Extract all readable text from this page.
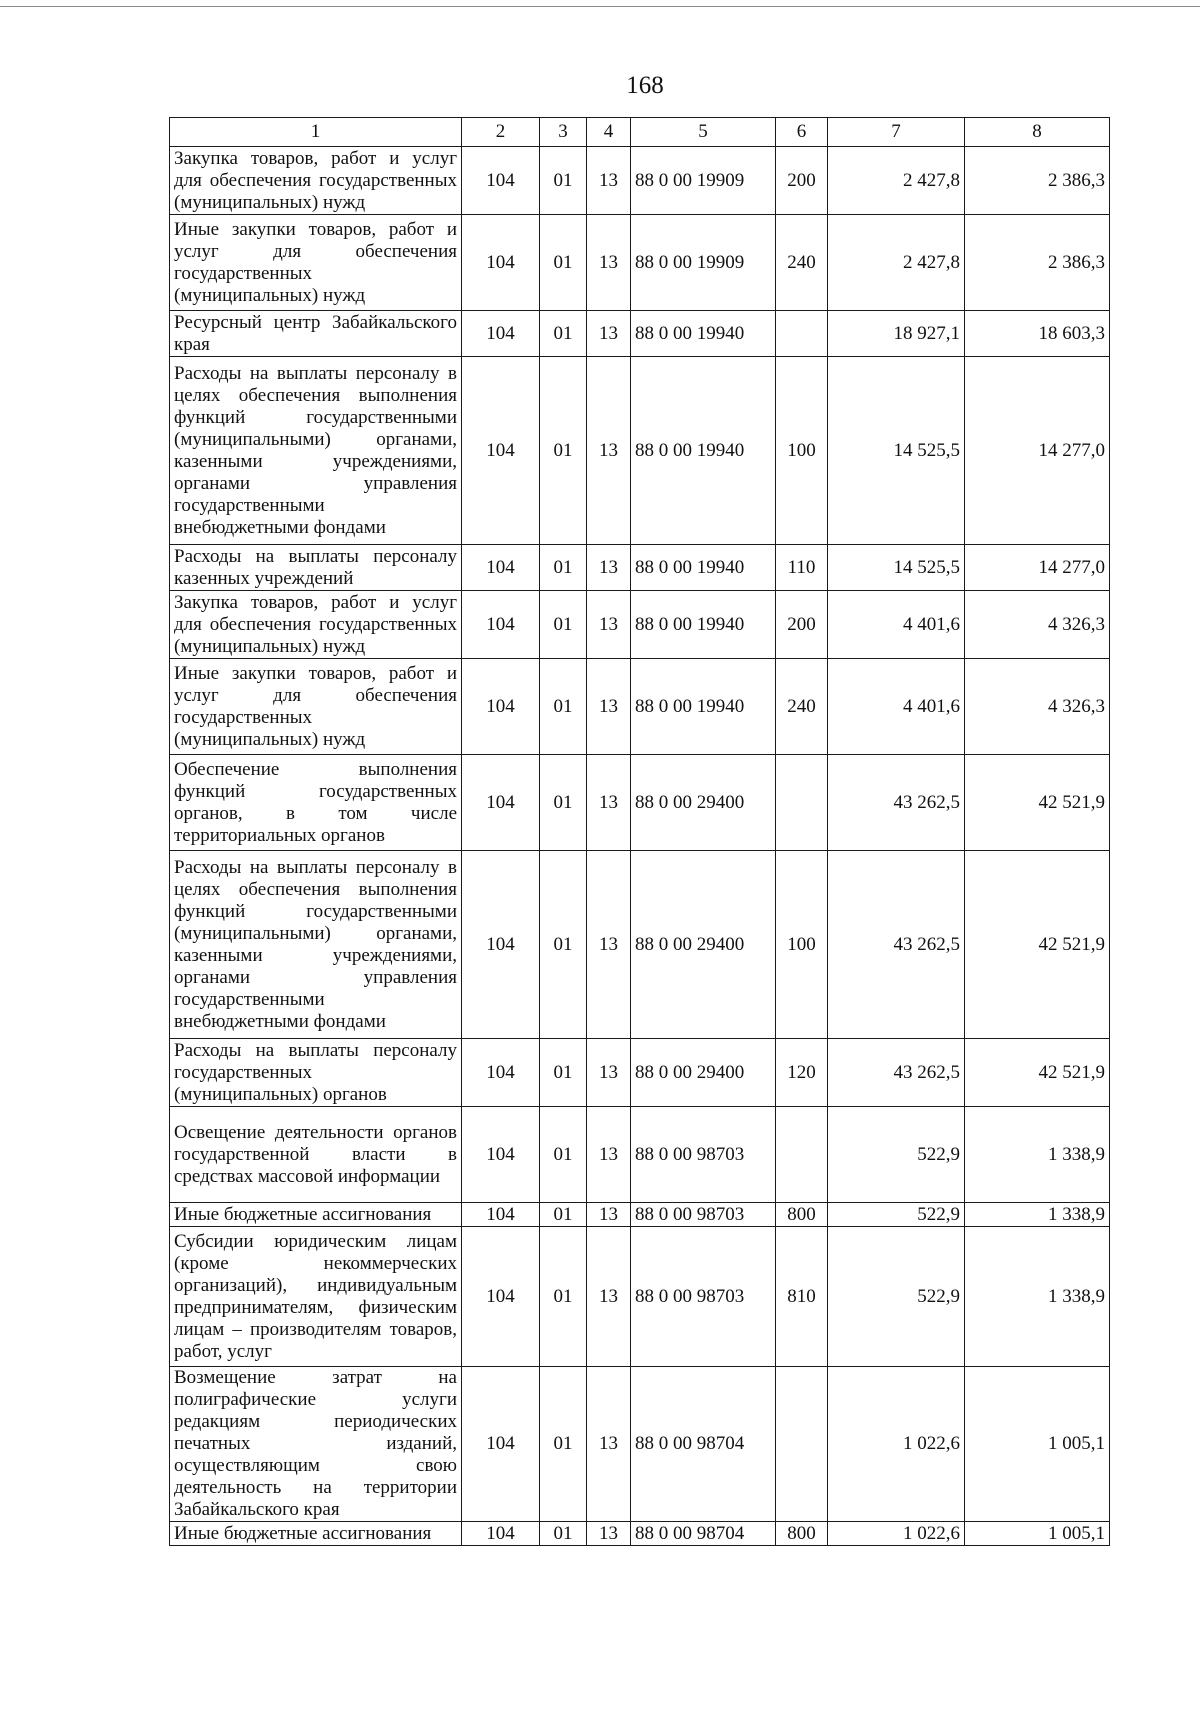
168
1	2	3	4	5	6	7	8
Закупка товаров, работ и услуг для обеспечения государственных (муниципальных) нужд	104	01	13	88 0 00 19909	200	2 427,8	2 386,3
Иные закупки товаров, работ и услуг для обеспечения государственных (муниципальных) нужд	104	01	13	88 0 00 19909	240	2 427,8	2 386,3
Ресурсный центр Забайкальского края	104	01	13	88 0 00 19940		18 927,1	18 603,3
Расходы на выплаты персоналу в целях обеспечения выполнения функций государственными (муниципальными) органами, казенными учреждениями, органами управления государственными внебюджетными фондами	104	01	13	88 0 00 19940	100	14 525,5	14 277,0
Расходы на выплаты персоналу казенных учреждений	104	01	13	88 0 00 19940	110	14 525,5	14 277,0
Закупка товаров, работ и услуг для обеспечения государственных (муниципальных) нужд	104	01	13	88 0 00 19940	200	4 401,6	4 326,3
Иные закупки товаров, работ и услуг для обеспечения государственных (муниципальных) нужд	104	01	13	88 0 00 19940	240	4 401,6	4 326,3
Обеспечение выполнения функций государственных органов, в том числе территориальных органов	104	01	13	88 0 00 29400		43 262,5	42 521,9
Расходы на выплаты персоналу в целях обеспечения выполнения функций государственными (муниципальными) органами, казенными учреждениями, органами управления государственными внебюджетными фондами	104	01	13	88 0 00 29400	100	43 262,5	42 521,9
Расходы на выплаты персоналу государственных (муниципальных) органов	104	01	13	88 0 00 29400	120	43 262,5	42 521,9
Освещение деятельности органов государственной власти в средствах массовой информации	104	01	13	88 0 00 98703		522,9	1 338,9
Иные бюджетные ассигнования	104	01	13	88 0 00 98703	800	522,9	1 338,9
Субсидии юридическим лицам (кроме некоммерческих организаций), индивидуальным предпринимателям, физическим лицам – производителям товаров, работ, услуг	104	01	13	88 0 00 98703	810	522,9	1 338,9
Возмещение затрат на полиграфические услуги редакциям периодических печатных изданий, осуществляющим свою деятельность на территории Забайкальского края	104	01	13	88 0 00 98704		1 022,6	1 005,1
Иные бюджетные ассигнования	104	01	13	88 0 00 98704	800	1 022,6	1 005,1
